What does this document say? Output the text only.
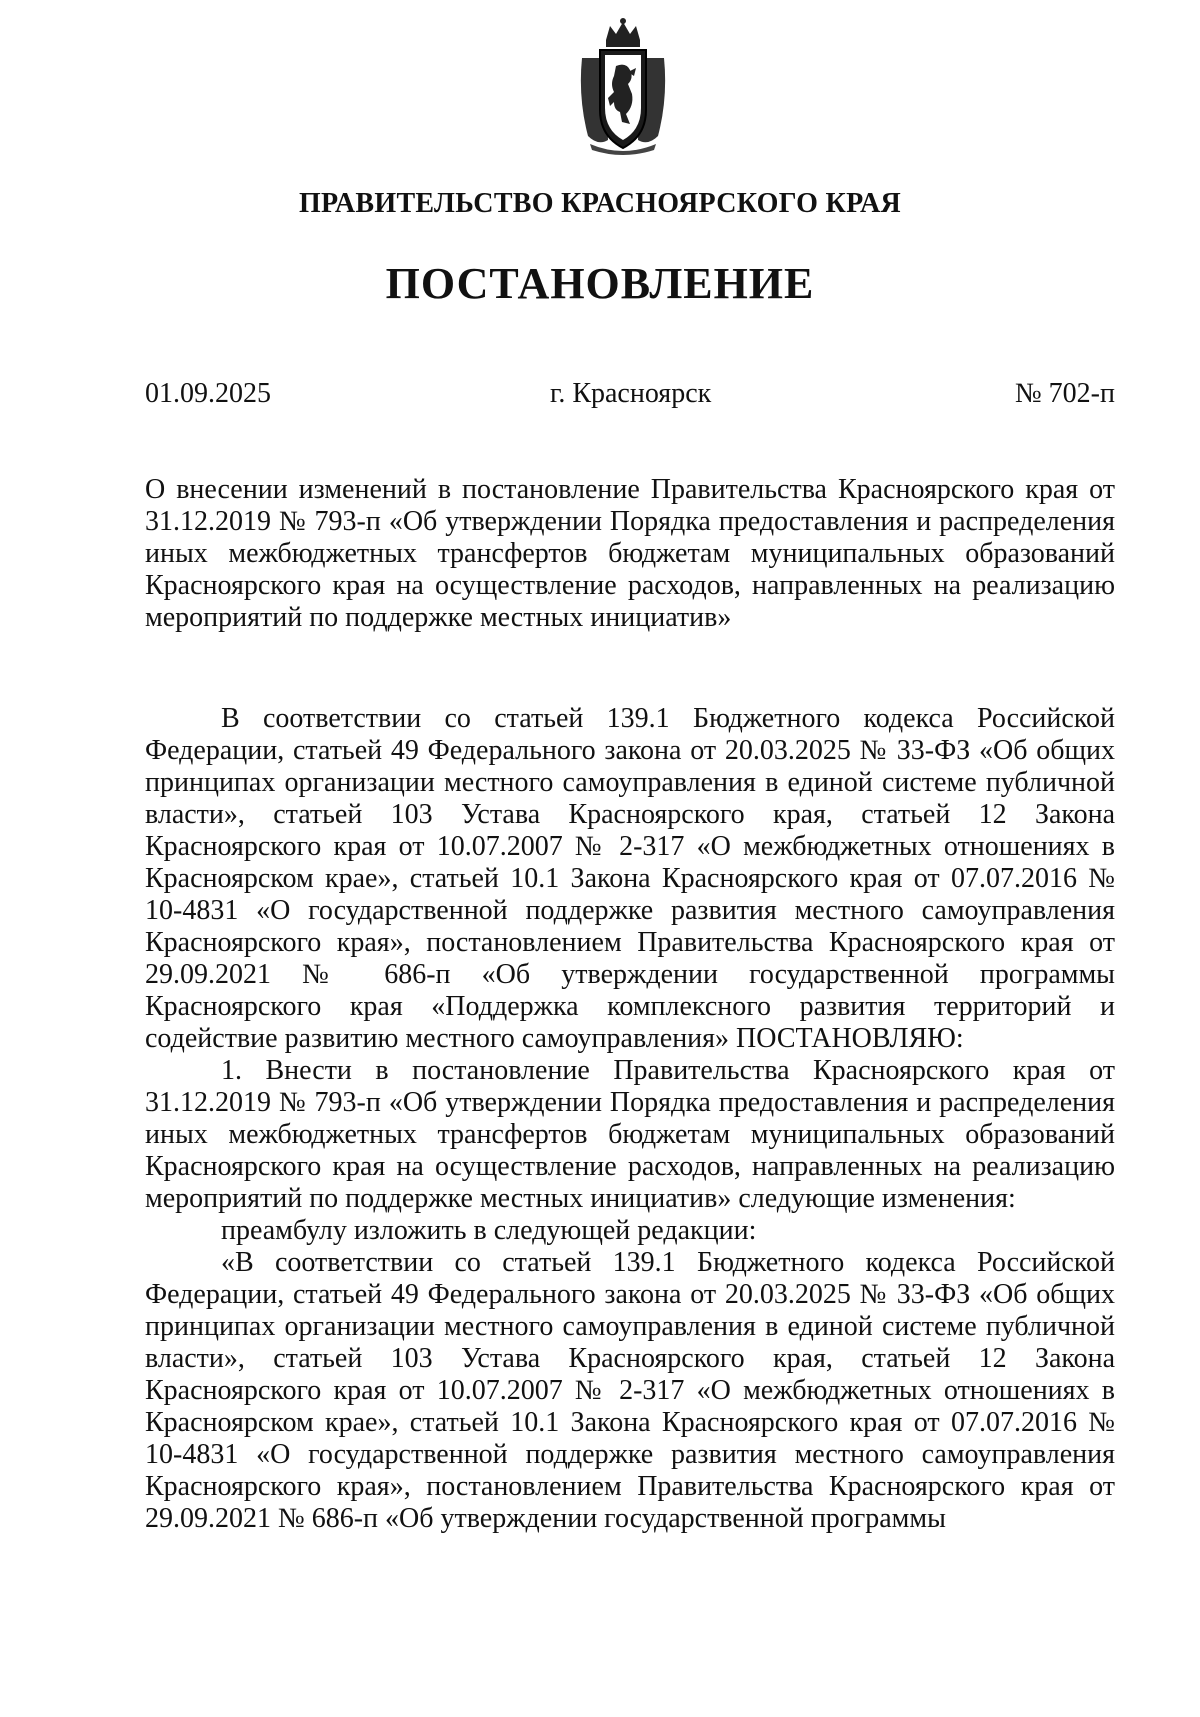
ПРАВИТЕЛЬСТВО КРАСНОЯРСКОГО КРАЯ
ПОСТАНОВЛЕНИЕ
01.09.2025	г. Красноярск	№ 702-п
О внесении изменений в постановление Правительства Красноярского края от 31.12.2019 № 793-п «Об утверждении Порядка предоставления и распределения иных межбюджетных трансфертов бюджетам муниципальных образований Красноярского края на осуществление расходов, направленных на реализацию мероприятий по поддержке местных инициатив»

В соответствии со статьей 139.1 Бюджетного кодекса Российской Федерации, статьей 49 Федерального закона от 20.03.2025 № 33-ФЗ «Об общих принципах организации местного самоуправления в единой системе публичной власти», статьей 103 Устава Красноярского края, статьей 12 Закона Красноярского края от 10.07.2007 № 2-317 «О межбюджетных отношениях в Красноярском крае», статьей 10.1 Закона Красноярского края от 07.07.2016 № 10-4831 «О государственной поддержке развития местного самоуправления Красноярского края», постановлением Правительства Красноярского края от 29.09.2021 № 686-п «Об утверждении государственной программы Красноярского края «Поддержка комплексного развития территорий и содействие развитию местного самоуправления» ПОСТАНОВЛЯЮ:

1. Внести в постановление Правительства Красноярского края от 31.12.2019 № 793-п «Об утверждении Порядка предоставления и распределения иных межбюджетных трансфертов бюджетам муниципальных образований Красноярского края на осуществление расходов, направленных на реализацию мероприятий по поддержке местных инициатив» следующие изменения:

преамбулу изложить в следующей редакции:

«В соответствии со статьей 139.1 Бюджетного кодекса Российской Федерации, статьей 49 Федерального закона от 20.03.2025 № 33-ФЗ «Об общих принципах организации местного самоуправления в единой системе публичной власти», статьей 103 Устава Красноярского края, статьей 12 Закона Красноярского края от 10.07.2007 № 2-317 «О межбюджетных отношениях в Красноярском крае», статьей 10.1 Закона Красноярского края от 07.07.2016 № 10-4831 «О государственной поддержке развития местного самоуправления Красноярского края», постановлением Правительства Красноярского края от 29.09.2021 № 686-п «Об утверждении государственной программы
